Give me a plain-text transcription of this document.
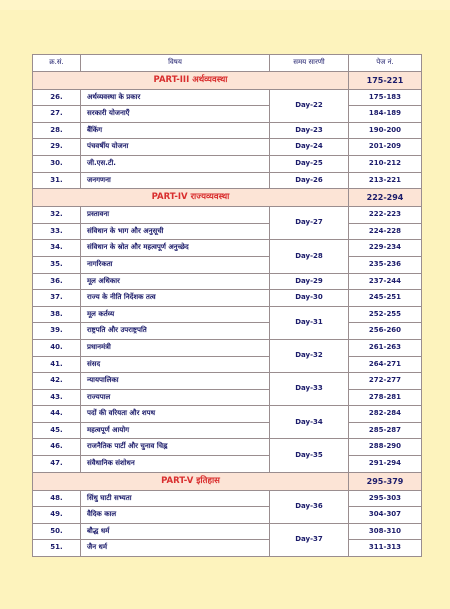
क्र.सं.	विषय	समय सारणी	पेज नं.
PART-III अर्थव्यवस्था			175-221
26.	अर्थव्यवस्था के प्रकार	Day-22	175-183
27.	सरकारी योजनाएँ		184-189
28.	बैंकिंग	Day-23	190-200
29.	पंचवर्षीय योजना	Day-24	201-209
30.	जी.एस.टी.	Day-25	210-212
31.	जनगणना	Day-26	213-221
PART-IV राज्यव्यवस्था			222-294
32.	प्रस्तावना	Day-27	222-223
33.	संविधान के भाग और अनुसूची		224-228
34.	संविधान के स्रोत और महत्वपूर्ण अनुच्छेद	Day-28	229-234
35.	नागरिकता		235-236
36.	मूल अधिकार	Day-29	237-244
37.	राज्य के नीति निर्देशक तत्व	Day-30	245-251
38.	मूल कर्तव्य	Day-31	252-255
39.	राष्ट्रपति और उपराष्ट्रपति		256-260
40.	प्रधानमंत्री	Day-32	261-263
41.	संसद		264-271
42.	न्यायपालिका	Day-33	272-277
43.	राज्यपाल		278-281
44.	पदों की वरियता और शपथ	Day-34	282-284
45.	महत्वपूर्ण आयोग		285-287
46.	राजनैतिक पार्टी और चुनाव चिह्न	Day-35	288-290
47.	संवैधानिक संशोधन		291-294
PART-V इतिहास			295-379
48.	सिंधु घाटी सभ्यता	Day-36	295-303
49.	वैदिक काल		304-307
50.	बौद्ध धर्म	Day-37	308-310
51.	जैन धर्म		311-313
